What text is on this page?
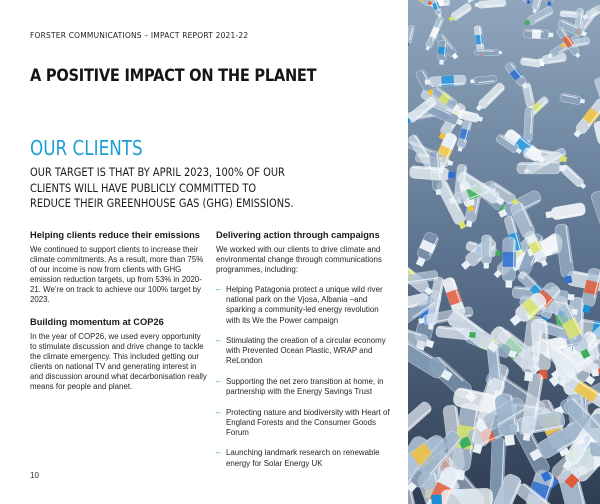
FORSTER COMMUNICATIONS – IMPACT REPORT 2021-22
A POSITIVE IMPACT ON THE PLANET
OUR CLIENTS
OUR TARGET IS THAT BY APRIL 2023, 100% OF OUR
CLIENTS WILL HAVE PUBLICLY COMMITTED TO
REDUCE THEIR GREENHOUSE GAS (GHG) EMISSIONS.
Helping clients reduce their emissions

We continued to support clients to increase their climate commitments. As a result, more than 75% of our income is now from clients with GHG emission reduction targets, up from 53% in 2020-21. We’re on track to achieve our 100% target by 2023.

Building momentum at COP26

In the year of COP26, we used every opportunity to stimulate discussion and drive change to tackle the climate emergency. This included getting our clients on national TV and generating interest in and discussion around what decarbonisation really means for people and planet.

Delivering action through campaigns

We worked with our clients to drive climate and environmental change through communications programmes, including:

– Helping Patagonia protect a unique wild river national park on the Vjosa, Albania –and sparking a community-led energy revolution with its We the Power campaign
– Stimulating the creation of a circular economy with Prevented Ocean Plastic, WRAP and ReLondon
– Supporting the net zero transition at home, in partnership with the Energy Savings Trust
– Protecting nature and biodiversity with Heart of England Forests and the Consumer Goods Forum
– Launching landmark research on renewable energy for Solar Energy UK
10
